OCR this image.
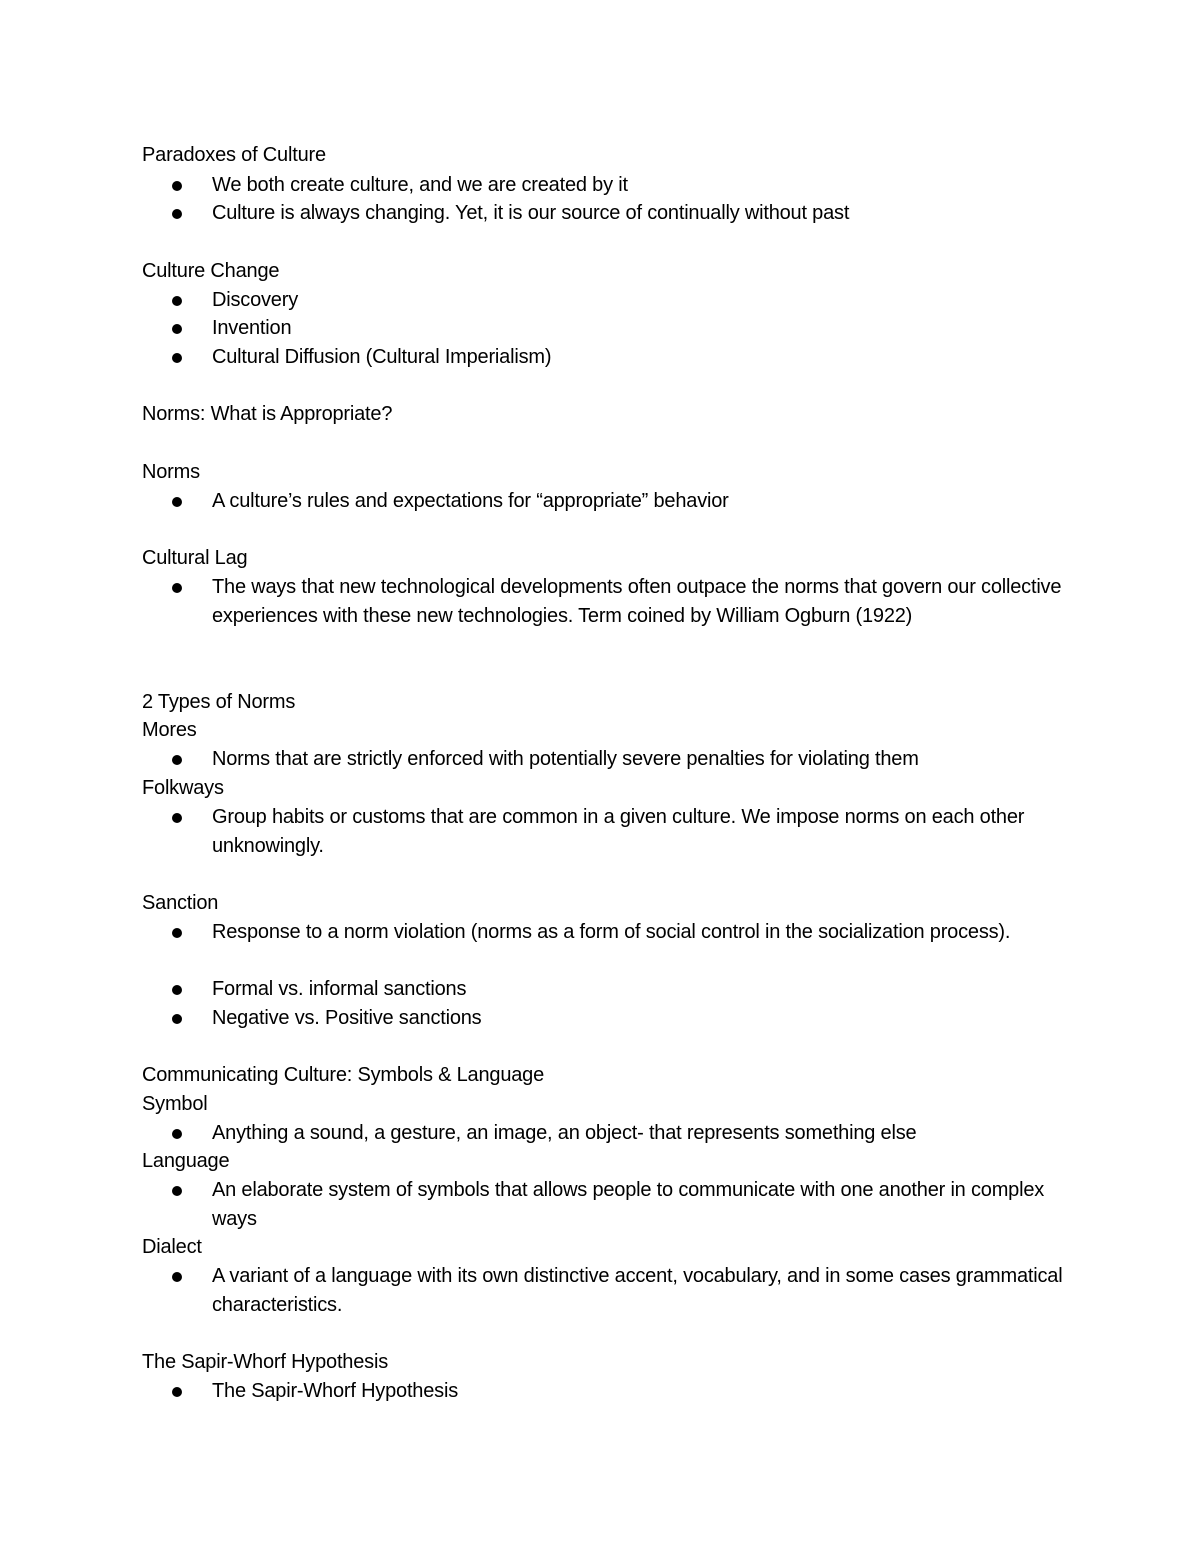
Paradoxes of Culture
We both create culture, and we are created by it
Culture is always changing. Yet, it is our source of continually without past
Culture Change
Discovery
Invention
Cultural Diffusion (Cultural Imperialism)
Norms: What is Appropriate?
Norms
A culture’s rules and expectations for “appropriate” behavior
Cultural Lag
The ways that new technological developments often outpace the norms that govern our collective experiences with these new technologies. Term coined by William Ogburn (1922)
2 Types of Norms
Mores
Norms that are strictly enforced with potentially severe penalties for violating them
Folkways
Group habits or customs that are common in a given culture. We impose norms on each other unknowingly.
Sanction
Response to a norm violation (norms as a form of social control in the socialization process).
Formal vs. informal sanctions
Negative vs. Positive sanctions
Communicating Culture: Symbols & Language
Symbol
Anything a sound, a gesture, an image, an object- that represents something else
Language
An elaborate system of symbols that allows people to communicate with one another in complex ways
Dialect
A variant of a language with its own distinctive accent, vocabulary, and in some cases grammatical characteristics.
The Sapir-Whorf Hypothesis
The Sapir-Whorf Hypothesis
